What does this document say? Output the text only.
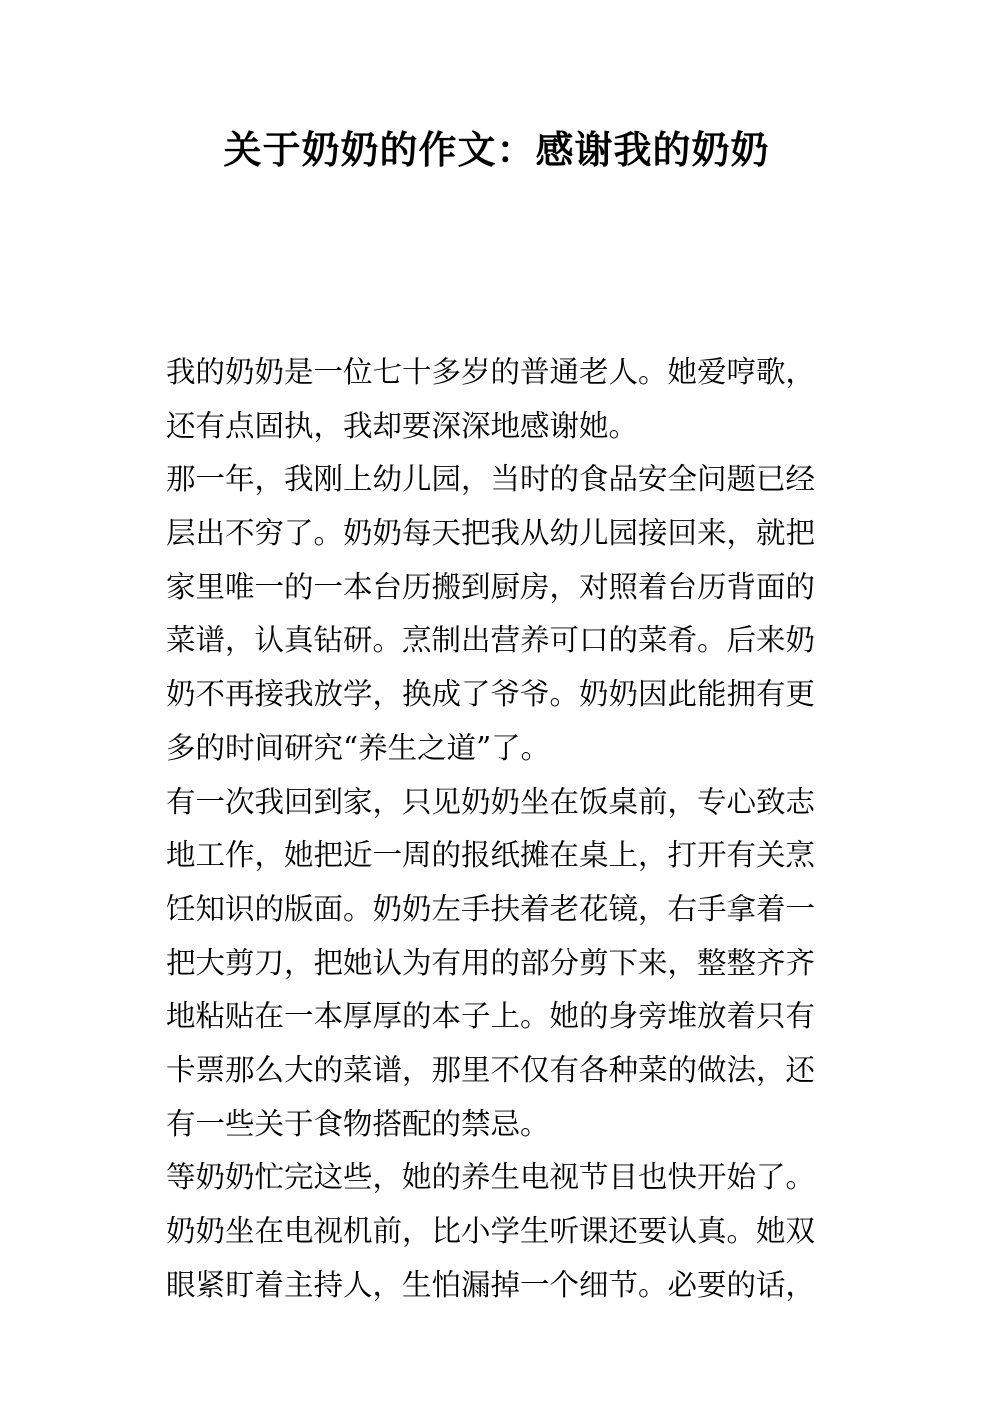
关于奶奶的作文：感谢我的奶奶
我的奶奶是一位七十多岁的普通老人。她爱哼歌，
还有点固执，我却要深深地感谢她。
那一年，我刚上幼儿园，当时的食品安全问题已经
层出不穷了。奶奶每天把我从幼儿园接回来，就把
家里唯一的一本台历搬到厨房，对照着台历背面的
菜谱，认真钻研。烹制出营养可口的菜肴。后来奶
奶不再接我放学，换成了爷爷。奶奶因此能拥有更
多的时间研究“养生之道”了。
有一次我回到家，只见奶奶坐在饭桌前，专心致志
地工作，她把近一周的报纸摊在桌上，打开有关烹
饪知识的版面。奶奶左手扶着老花镜，右手拿着一
把大剪刀，把她认为有用的部分剪下来，整整齐齐
地粘贴在一本厚厚的本子上。她的身旁堆放着只有
卡票那么大的菜谱，那里不仅有各种菜的做法，还
有一些关于食物搭配的禁忌。
等奶奶忙完这些，她的养生电视节目也快开始了。
奶奶坐在电视机前，比小学生听课还要认真。她双
眼紧盯着主持人，生怕漏掉一个细节。必要的话，
